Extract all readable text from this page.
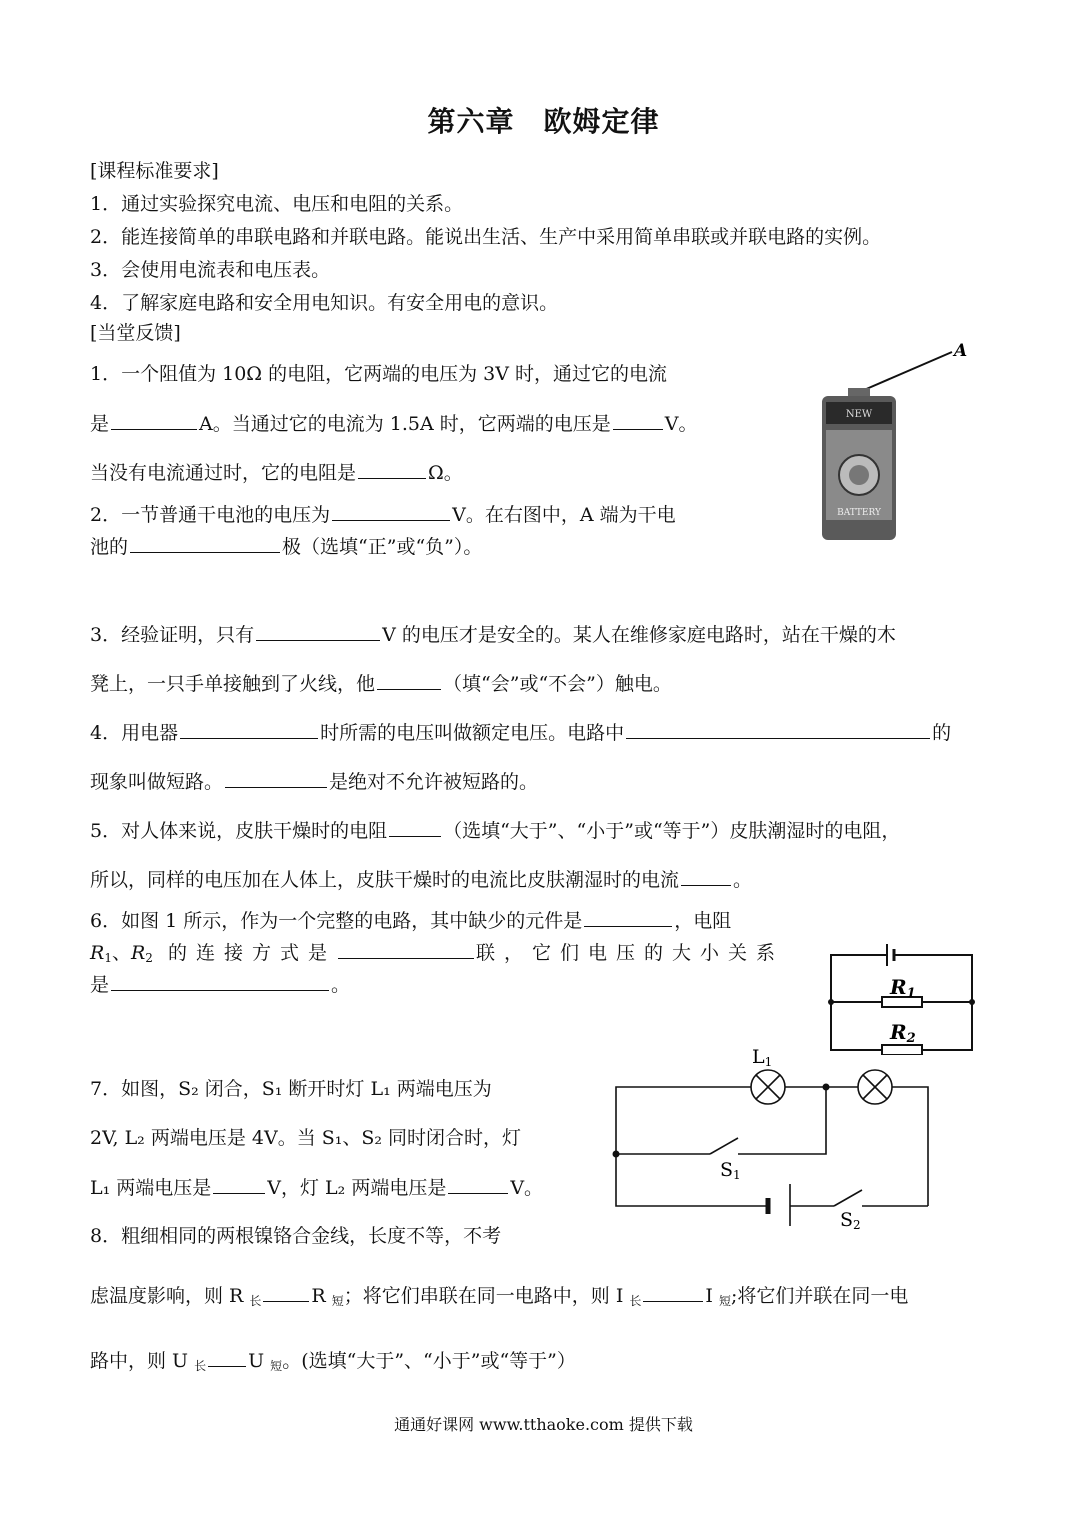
第六章　欧姆定律
[课程标准要求]
1．通过实验探究电流、电压和电阻的关系。
2．能连接简单的串联电路和并联电路。能说出生活、生产中采用简单串联或并联电路的实例。
3．会使用电流表和电压表。
4．了解家庭电路和安全用电知识。有安全用电的意识。
[当堂反馈]
1．一个阻值为 10Ω 的电阻，它两端的电压为 3V 时，通过它的电流
是	A。当通过它的电流为 1.5A 时，它两端的电压是	V。
当没有电流通过时，它的电阻是	Ω。
2．一节普通干电池的电压为	V。在右图中，A 端为干电
池的	极（选填“正”或“负”）。
A
NEW
BATTERY
3．经验证明，只有	V 的电压才是安全的。某人在维修家庭电路时，站在干燥的木
凳上，一只手单接触到了火线，他	（填“会”或“不会”）触电。
4．用电器	时所需的电压叫做额定电压。电路中	的
现象叫做短路。	是绝对不允许被短路的。
5．对人体来说，皮肤干燥时的电阻	（选填“大于”、“小于”或“等于”）皮肤潮湿时的电阻，
所以，同样的电压加在人体上，皮肤干燥时的电流比皮肤潮湿时的电流	。
6．如图 1 所示，作为一个完整的电路，其中缺少的元件是	，电阻
$R_1$、$R_2$ 的连接方式是	联，它们电压的大小关系
是	。	R1
R2
7．如图，S₂ 闭合，S₁ 断开时灯 L₁ 两端电压为
2V, L₂ 两端电压是 4V。当 S₁、S₂ 同时闭合时，灯
L₁ 两端电压是	V，灯 L₂ 两端电压是	V。
L1
S1
S2
8．粗细相同的两根镍铬合金线，长度不等，不考
虑温度影响，则 R $_长$	R $_短$；将它们串联在同一电路中，则 I $_长$	I $_短$;将它们并联在同一电
路中，则 U $_长$ U $_短$。(选填“大于”、“小于”或“等于”）
通通好课网 www.tthaoke.com 提供下载
